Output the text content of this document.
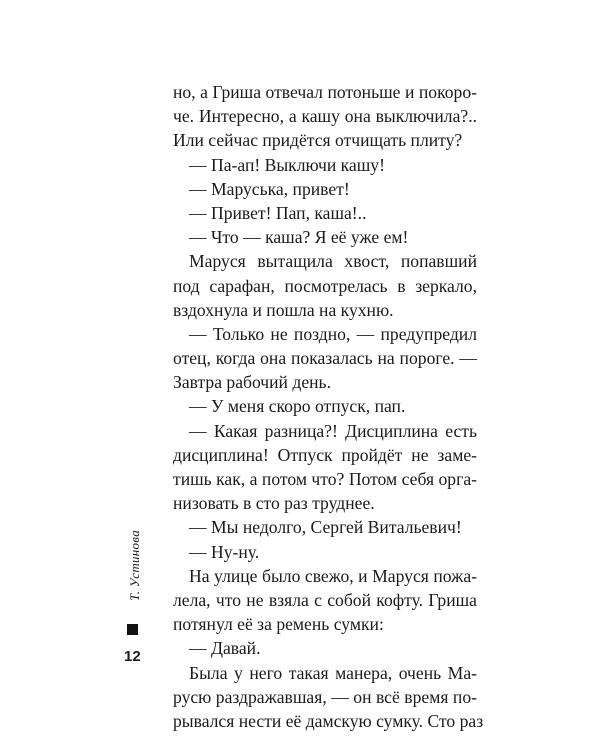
но, а Гриша отвечал потоньше и покоро-
че. Интересно, а кашу она выключила?..
Или сейчас придётся отчищать плиту?
— Па-ап! Выключи кашу!
— Маруська, привет!
— Привет! Пап, каша!..
— Что — каша? Я её уже ем!
Маруся вытащила хвост, попавший
под сарафан, посмотрелась в зеркало,
вздохнула и пошла на кухню.
— Только не поздно, — предупредил
отец, когда она показалась на пороге. —
Завтра рабочий день.
— У меня скоро отпуск, пап.
— Какая разница?! Дисциплина есть
дисциплина! Отпуск пройдёт не заме-
тишь как, а потом что? Потом себя орга-
низовать в сто раз труднее.
— Мы недолго, Сергей Витальевич!
— Ну-ну.
На улице было свежо, и Маруся пожа-
лела, что не взяла с собой кофту. Гриша
потянул её за ремень сумки:
— Давай.
Была у него такая манера, очень Ма-
русю раздражавшая, — он всё время по-
рывался нести её дамскую сумку. Сто раз
Т. Устинова
12
